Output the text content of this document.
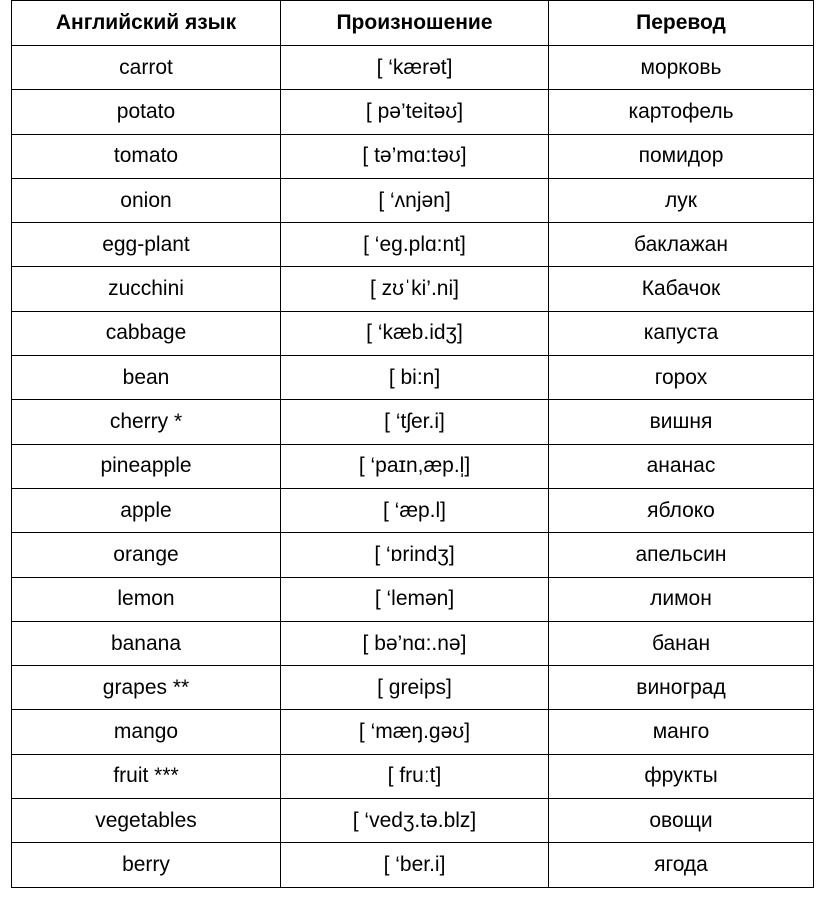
Английский язык	Произношение	Перевод
carrot	[ ‘kærət]	морковь
potato	[ pə’teitəʊ]	картофель
tomato	[ tə’mɑ:təʊ]	помидор
onion	[ ‘ʌnjən]	лук
egg-plant	[ ‘eg.plɑ:nt]	баклажан
zucchini	[ zʊˈki’.ni]	Кабачок
cabbage	[ ‘kæb.idʒ]	капуста
bean	[ bi:n]	горох
cherry *	[ ‘tʃer.i]	вишня
pineapple	[ ‘paɪn,æp.l̩]	ананас
apple	[ ‘æp.l]	яблоко
orange	[ ‘ɒrindʒ]	апельсин
lemon	[ ‘lemən]	лимон
banana	[ bə’nɑ:.nə]	банан
grapes **	[ greips]	виноград
mango	[ ‘mæŋ.gəʊ]	манго
fruit ***	[ fruːt]	фрукты
vegetables	[ ‘vedʒ.tə.blz]	овощи
berry	[ ‘ber.i]	ягода
